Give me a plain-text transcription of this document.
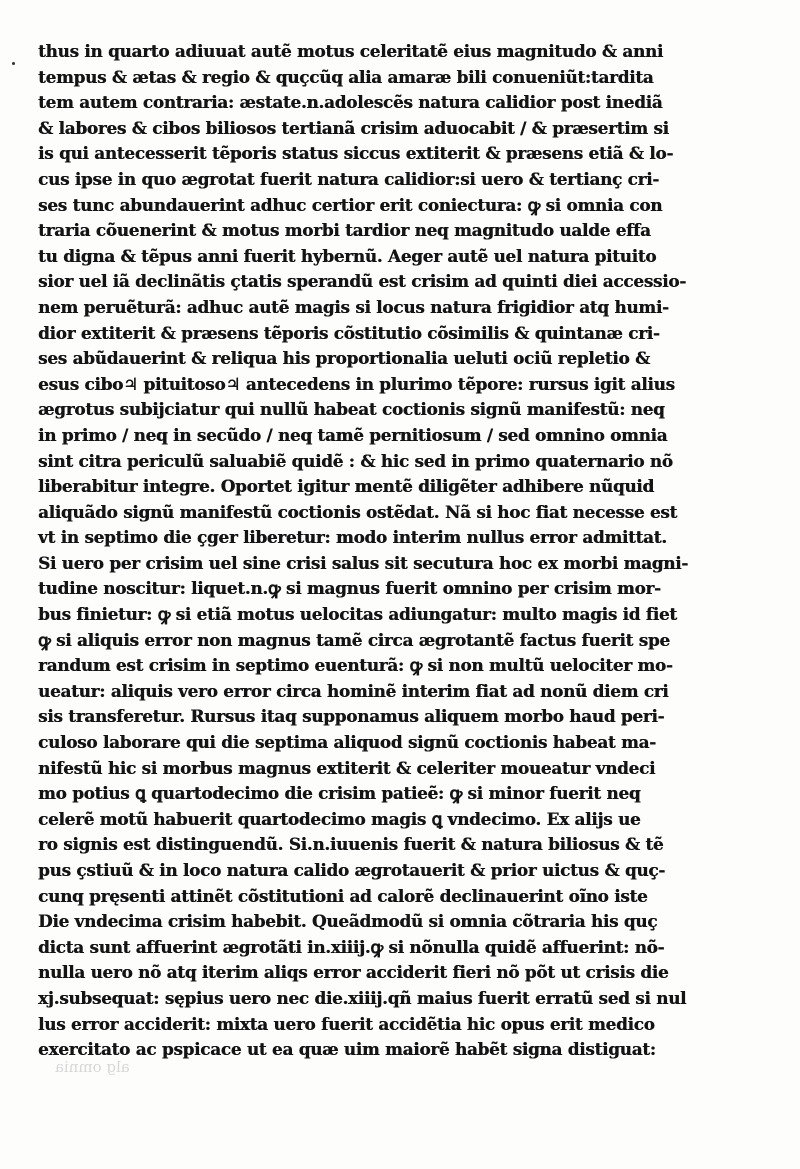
thus in quarto adiuuat autẽ motus celeritatẽ eius magnitudo & anni
tempus & ætas & regio & quçcũq alia amaræ bili conueniũt:tardita
tem autem contraria: æstate.n.adolescẽs natura calidior post inediã
& labores & cibos biliosos tertianã crisim aduocabit / & præsertim si
is qui antecesserit tẽporis status siccus extiterit & præsens etiã & lo-
cus ipse in quo ægrotat fuerit natura calidior:si uero & tertianç cri-
ses tunc abundauerint adhuc certior erit coniectura: ꝙ si omnia con
traria cõuenerint & motus morbi tardior neq magnitudo ualde effa
tu digna & tẽpus anni fuerit hybernũ. Aeger autẽ uel natura pituito
sior uel iã declinãtis çtatis sperandũ est crisim ad quinti diei accessio-
nem peruẽturã: adhuc autẽ magis si locus natura frigidior atq humi-
dior extiterit & præsens tẽporis cõstitutio cõsimilis & quintanæ cri-
ses abũdauerint & reliqua his proportionalia ueluti ociũ repletio &
esus cibo♃ pituitoso♃ antecedens in plurimo tẽpore: rursus igit alius
ægrotus subijciatur qui nullũ habeat coctionis signũ manifestũ: neq
in primo / neq in secũdo / neq tamẽ pernitiosum / sed omnino omnia
sint citra periculũ saluabiẽ quidẽ : & hic sed in primo quaternario nõ
liberabitur integre. Oportet igitur mentẽ diligẽter adhibere nũquid
aliquãdo signũ manifestũ coctionis ostẽdat. Nã si hoc fiat necesse est
vt in septimo die çger liberetur: modo interim nullus error admittat.
Si uero per crisim uel sine crisi salus sit secutura hoc ex morbi magni-
tudine noscitur: liquet.n.ꝙ si magnus fuerit omnino per crisim mor-
bus finietur: ꝙ si etiã motus uelocitas adiungatur: multo magis id fiet
ꝙ si aliquis error non magnus tamẽ circa ægrotantẽ factus fuerit spe
randum est crisim in septimo euenturã: ꝙ si non multũ uelociter mo-
ueatur: aliquis vero error circa hominẽ interim fiat ad nonũ diem cri
sis transferetur. Rursus itaq supponamus aliquem morbo haud peri-
culoso laborare qui die septima aliquod signũ coctionis habeat ma-
nifestũ hic si morbus magnus extiterit & celeriter moueatur vndeci
mo potius ꝗ quartodecimo die crisim patieẽ: ꝙ si minor fuerit neq
celerẽ motũ habuerit quartodecimo magis ꝗ vndecimo. Ex alijs ue
ro signis est distinguendũ. Si.n.iuuenis fuerit & natura biliosus & tẽ
pus çstiuũ & in loco natura calido ægrotauerit & prior uictus & quç-
cunq pręsenti attinẽt cõstitutioni ad calorẽ declinauerint oĩno iste
Die vndecima crisim habebit. Queãdmodũ si omnia cõtraria his quç
dicta sunt affuerint ægrotãti in.xiiij.ꝙ si nõnulla quidẽ affuerint: nõ-
nulla uero nõ atq iterim aliqs error acciderit fieri nõ põt ut crisis die
xj.subsequat: sępius uero nec die.xiiij.qñ maius fuerit erratũ sed si nul
lus error acciderit: mixta uero fuerit accidẽtia hic opus erit medico
exercitato ac pspicace ut ea quæ uim maiorẽ habẽt signa distiguat:
alg omnia
